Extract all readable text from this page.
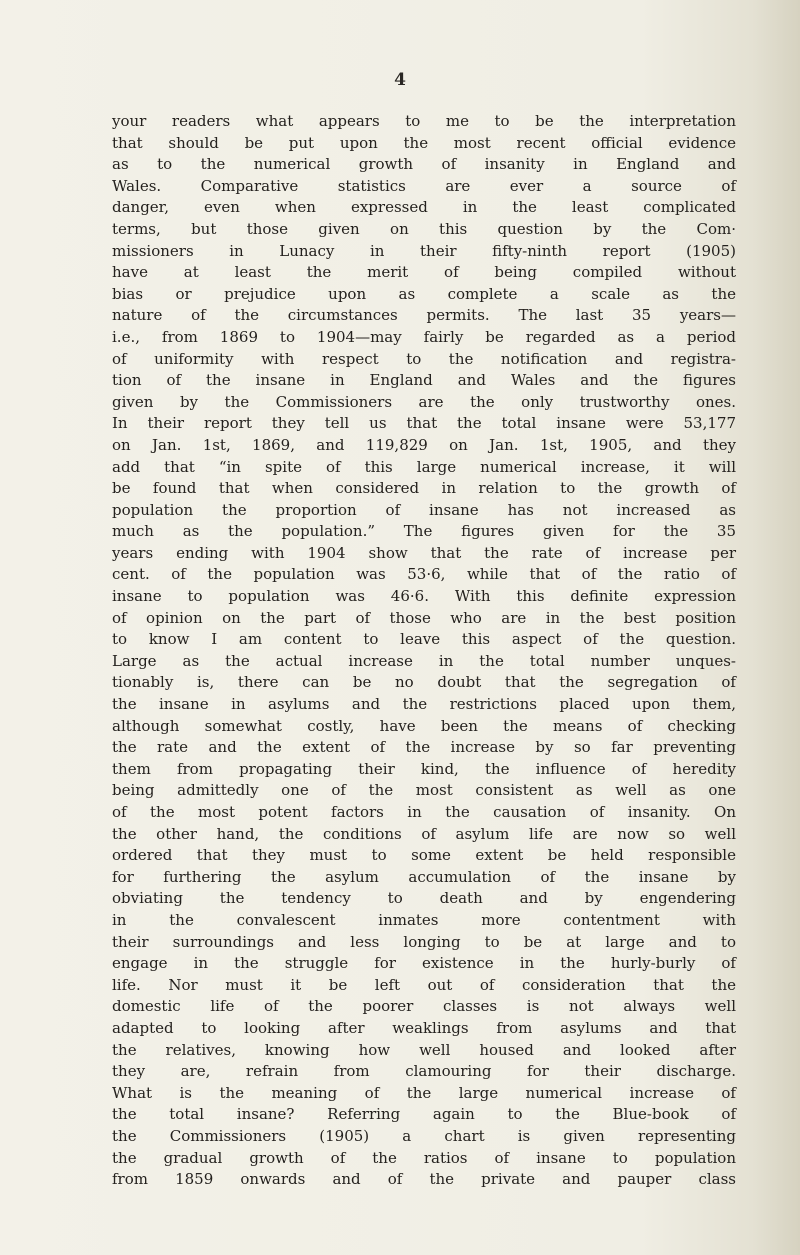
4
your readers what appears to me to be the interpretation
that should be put upon the most recent official evidence
as to the numerical growth of insanity in England and
Wales. Comparative statistics are ever a source of
danger, even when expressed in the least complicated
terms, but those given on this question by the Com·
missioners in Lunacy in their fifty-ninth report (1905)
have at least the merit of being compiled without
bias or prejudice upon as complete a scale as the
nature of the circumstances permits. The last 35 years—
i.e., from 1869 to 1904—may fairly be regarded as a period
of uniformity with respect to the notification and registra-
tion of the insane in England and Wales and the figures
given by the Commissioners are the only trustworthy ones.
In their report they tell us that the total insane were 53,177
on Jan. 1st, 1869, and 119,829 on Jan. 1st, 1905, and they
add that “in spite of this large numerical increase, it will
be found that when considered in relation to the growth of
population the proportion of insane has not increased as
much as the population.” The figures given for the 35
years ending with 1904 show that the rate of increase per
cent. of the population was 53·6, while that of the ratio of
insane to population was 46·6. With this definite expression
of opinion on the part of those who are in the best position
to know I am content to leave this aspect of the question.
Large as the actual increase in the total number unques-
tionably is, there can be no doubt that the segregation of
the insane in asylums and the restrictions placed upon them,
although somewhat costly, have been the means of checking
the rate and the extent of the increase by so far preventing
them from propagating their kind, the influence of heredity
being admittedly one of the most consistent as well as one
of the most potent factors in the causation of insanity. On
the other hand, the conditions of asylum life are now so well
ordered that they must to some extent be held responsible
for furthering the asylum accumulation of the insane by
obviating the tendency to death and by engendering
in the convalescent inmates more contentment with
their surroundings and less longing to be at large and to
engage in the struggle for existence in the hurly-burly of
life. Nor must it be left out of consideration that the
domestic life of the poorer classes is not always well
adapted to looking after weaklings from asylums and that
the relatives, knowing how well housed and looked after
they are, refrain from clamouring for their discharge.
What is the meaning of the large numerical increase of
the total insane? Referring again to the Blue-book of
the Commissioners (1905) a chart is given representing
the gradual growth of the ratios of insane to population
from 1859 onwards and of the private and pauper class
